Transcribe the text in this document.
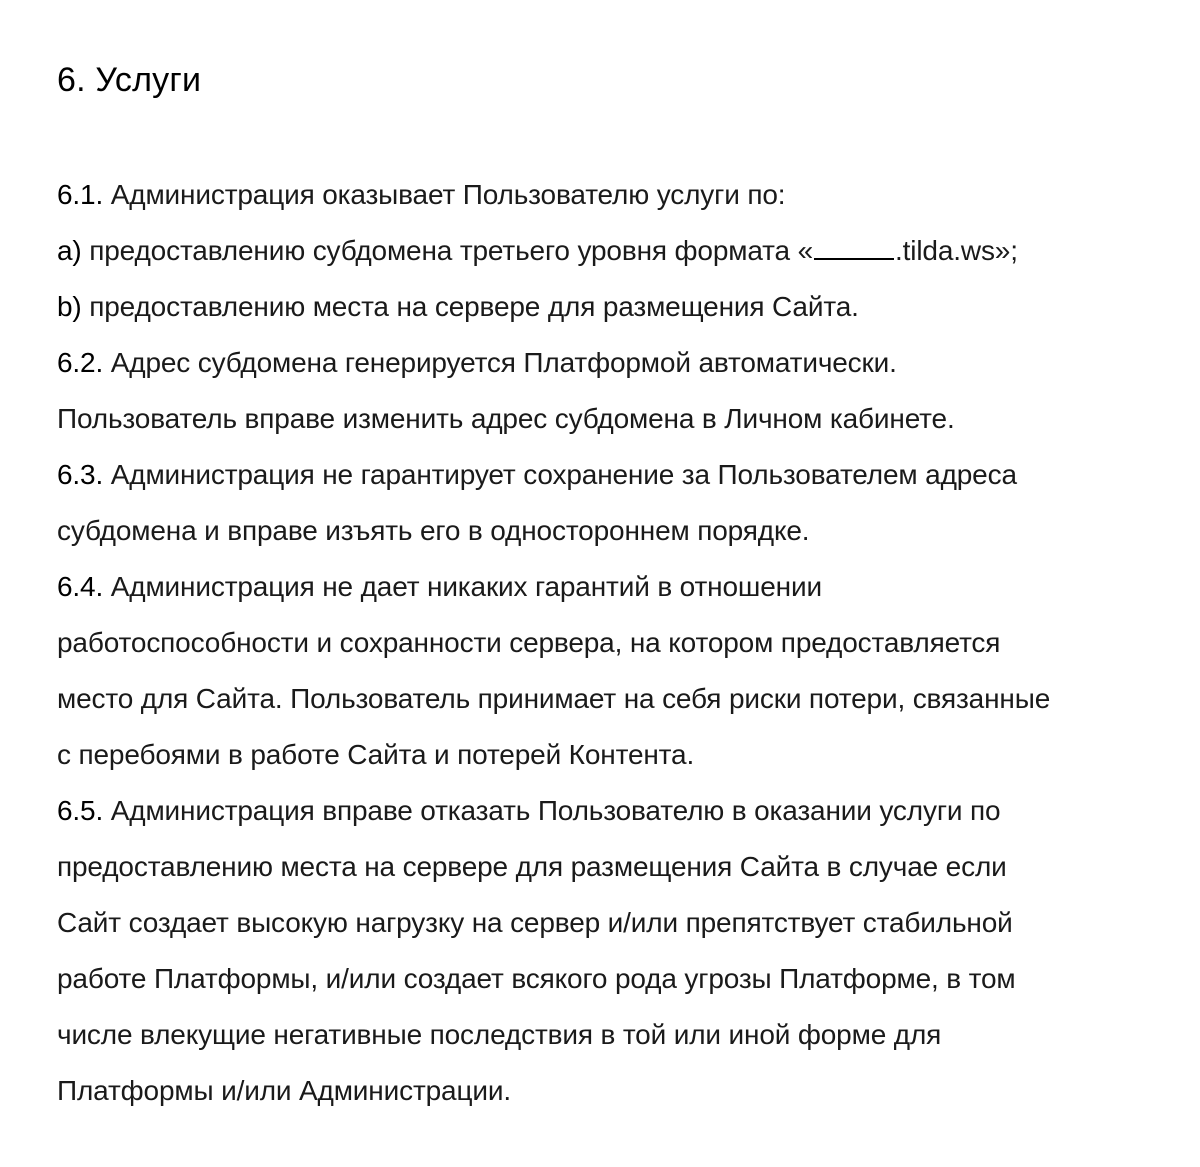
6. Услуги
6.1. Администрация оказывает Пользователю услуги по:
a) предоставлению субдомена третьего уровня формата «	.tilda.ws»;
b) предоставлению места на сервере для размещения Сайта.
6.2. Адрес субдомена генерируется Платформой автоматически.
Пользователь вправе изменить адрес субдомена в Личном кабинете.
6.3. Администрация не гарантирует сохранение за Пользователем адреса
субдомена и вправе изъять его в одностороннем порядке.
6.4. Администрация не дает никаких гарантий в отношении
работоспособности и сохранности сервера, на котором предоставляется
место для Сайта. Пользователь принимает на себя риски потери, связанные
с перебоями в работе Сайта и потерей Контента.
6.5. Администрация вправе отказать Пользователю в оказании услуги по
предоставлению места на сервере для размещения Сайта в случае если
Сайт создает высокую нагрузку на сервер и/или препятствует стабильной
работе Платформы, и/или создает всякого рода угрозы Платформе, в том
числе влекущие негативные последствия в той или иной форме для
Платформы и/или Администрации.
